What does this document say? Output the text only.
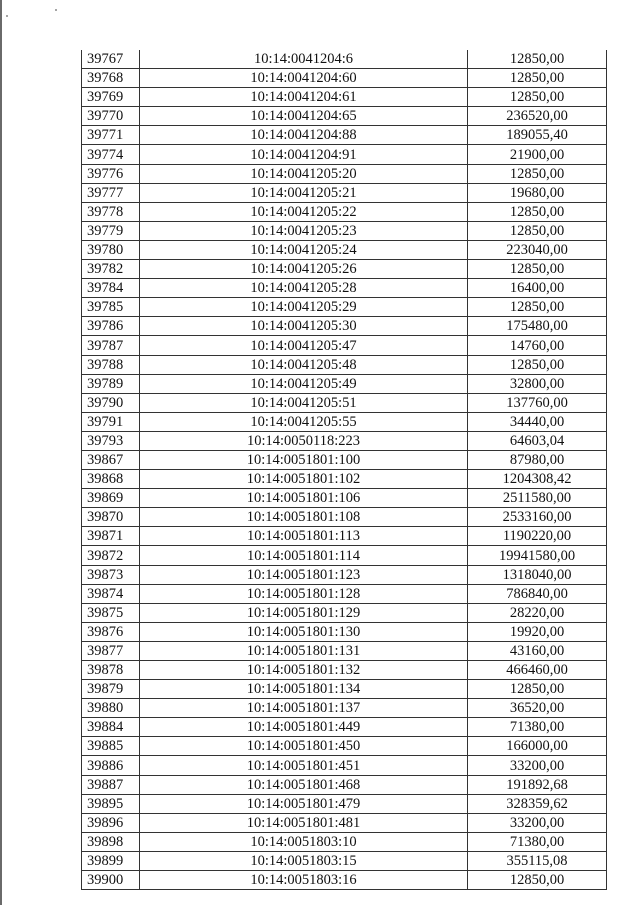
39767	10:14:0041204:6	12850,00
39768	10:14:0041204:60	12850,00
39769	10:14:0041204:61	12850,00
39770	10:14:0041204:65	236520,00
39771	10:14:0041204:88	189055,40
39774	10:14:0041204:91	21900,00
39776	10:14:0041205:20	12850,00
39777	10:14:0041205:21	19680,00
39778	10:14:0041205:22	12850,00
39779	10:14:0041205:23	12850,00
39780	10:14:0041205:24	223040,00
39782	10:14:0041205:26	12850,00
39784	10:14:0041205:28	16400,00
39785	10:14:0041205:29	12850,00
39786	10:14:0041205:30	175480,00
39787	10:14:0041205:47	14760,00
39788	10:14:0041205:48	12850,00
39789	10:14:0041205:49	32800,00
39790	10:14:0041205:51	137760,00
39791	10:14:0041205:55	34440,00
39793	10:14:0050118:223	64603,04
39867	10:14:0051801:100	87980,00
39868	10:14:0051801:102	1204308,42
39869	10:14:0051801:106	2511580,00
39870	10:14:0051801:108	2533160,00
39871	10:14:0051801:113	1190220,00
39872	10:14:0051801:114	19941580,00
39873	10:14:0051801:123	1318040,00
39874	10:14:0051801:128	786840,00
39875	10:14:0051801:129	28220,00
39876	10:14:0051801:130	19920,00
39877	10:14:0051801:131	43160,00
39878	10:14:0051801:132	466460,00
39879	10:14:0051801:134	12850,00
39880	10:14:0051801:137	36520,00
39884	10:14:0051801:449	71380,00
39885	10:14:0051801:450	166000,00
39886	10:14:0051801:451	33200,00
39887	10:14:0051801:468	191892,68
39895	10:14:0051801:479	328359,62
39896	10:14:0051801:481	33200,00
39898	10:14:0051803:10	71380,00
39899	10:14:0051803:15	355115,08
39900	10:14:0051803:16	12850,00
